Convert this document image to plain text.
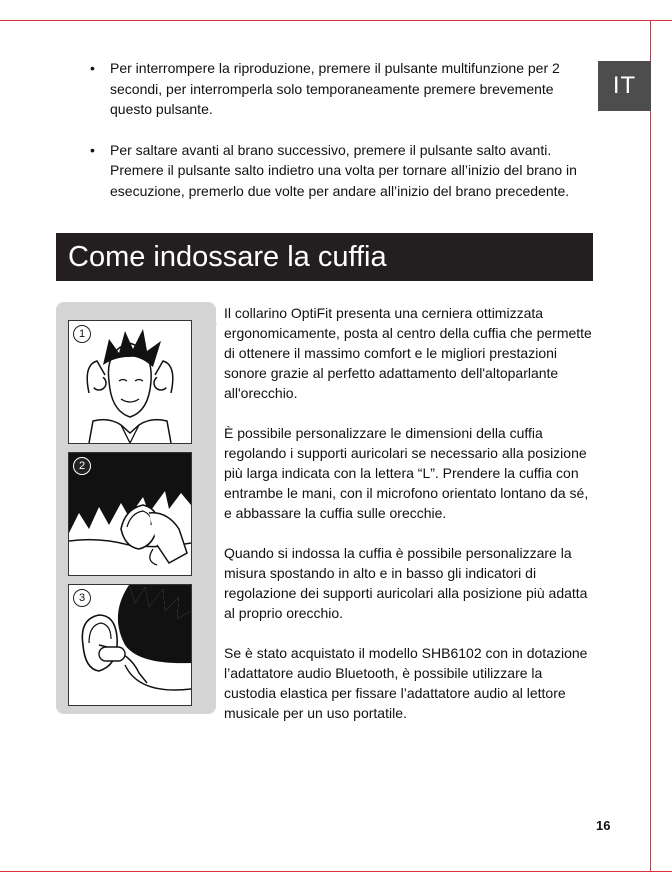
IT
• Per interrompere la riproduzione, premere il pulsante multifunzione per 2 secondi, per interromperla solo temporaneamente premere brevemente questo pulsante.
• Per saltare avanti al brano successivo, premere il pulsante salto avanti. Premere il pulsante salto indietro una volta per tornare all’inizio del brano in esecuzione, premerlo due volte per andare all’inizio del brano precedente.
Come indossare la cuffia
1
2
3

Il collarino OptiFit presenta una cerniera ottimizzata ergonomicamente, posta al centro della cuffia che permette di ottenere il massimo comfort e le migliori prestazioni sonore grazie al perfetto adattamento dell'altoparlante all'orecchio.

È possibile personalizzare le dimensioni della cuffia regolando i supporti auricolari se necessario alla posizione più larga indicata con la lettera “L”. Prendere la cuffia con entrambe le mani, con il microfono orientato lontano da sé, e abbassare la cuffia sulle orecchie.

Quando si indossa la cuffia è possibile personalizzare la misura spostando in alto e in basso gli indicatori di regolazione dei supporti auricolari alla posizione più adatta al proprio orecchio.

Se è stato acquistato il modello SHB6102 con in dotazione l’adattatore audio Bluetooth, è possibile utilizzare la custodia elastica per fissare l’adattatore audio al lettore musicale per un uso portatile.

16
